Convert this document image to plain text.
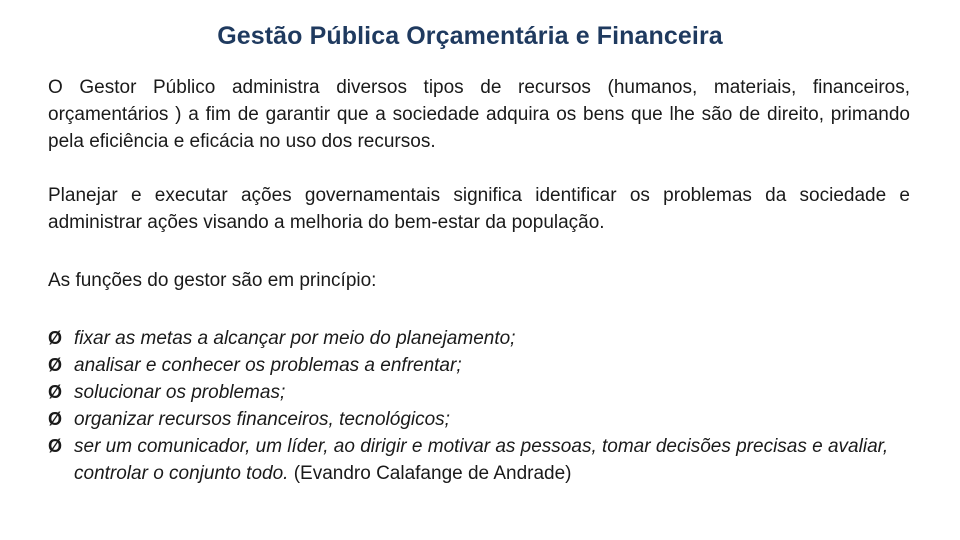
Gestão Pública Orçamentária e Financeira

O Gestor Público administra diversos tipos de recursos (humanos, materiais, financeiros, orçamentários ) a fim de garantir que a sociedade adquira os bens que lhe são de direito, primando pela eficiência e eficácia no uso dos recursos.

Planejar e executar ações governamentais significa identificar os problemas da sociedade e administrar ações visando a melhoria do bem-estar da população.

As funções do gestor são em princípio:

Ø fixar as metas a alcançar por meio do planejamento;
Ø analisar e conhecer os problemas a enfrentar;
Ø solucionar os problemas;
Ø organizar recursos financeiros, tecnológicos;
Ø ser um comunicador, um líder, ao dirigir e motivar as pessoas, tomar decisões precisas e avaliar, controlar o conjunto todo. (Evandro Calafange de Andrade)
